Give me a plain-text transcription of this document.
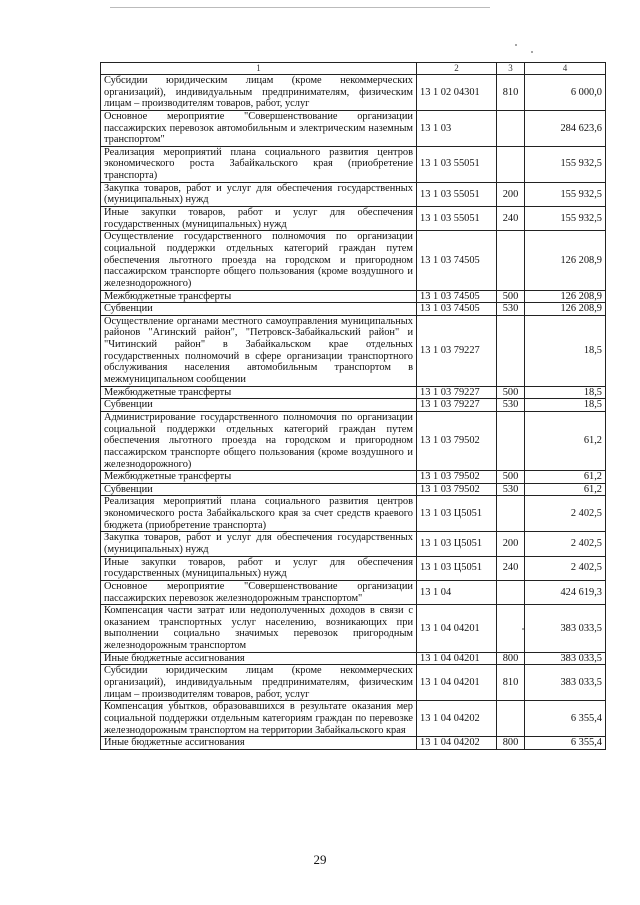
1	2	3	4
Субсидии юридическим лицам (кроме некоммерческих организаций), индивидуальным предпринимателям, физическим лицам – производителям товаров, работ, услуг	13 1 02 04301	810	6 000,0
Основное мероприятие "Совершенствование организации пассажирских перевозок автомобильным и электрическим наземным транспортом"	13 1 03		284 623,6
Реализация мероприятий плана социального развития центров экономического роста Забайкальского края (приобретение транспорта)	13 1 03 55051		155 932,5
Закупка товаров, работ и услуг для обеспечения государственных (муниципальных) нужд	13 1 03 55051	200	155 932,5
Иные закупки товаров, работ и услуг для обеспечения государственных (муниципальных) нужд	13 1 03 55051	240	155 932,5
Осуществление государственного полномочия по организации социальной поддержки отдельных категорий граждан путем обеспечения льготного проезда на городском и пригородном пассажирском транспорте общего пользования (кроме воздушного и железнодорожного)	13 1 03 74505		126 208,9
Межбюджетные трансферты	13 1 03 74505	500	126 208,9
Субвенции	13 1 03 74505	530	126 208,9
Осуществление органами местного самоуправления муниципальных районов "Агинский район", "Петровск-Забайкальский район" и "Читинский район" в Забайкальском крае отдельных государственных полномочий в сфере организации транспортного обслуживания населения автомобильным транспортом в межмуниципальном сообщении	13 1 03 79227		18,5
Межбюджетные трансферты	13 1 03 79227	500	18,5
Субвенции	13 1 03 79227	530	18,5
Администрирование государственного полномочия по организации социальной поддержки отдельных категорий граждан путем обеспечения льготного проезда на городском и пригородном пассажирском транспорте общего пользования (кроме воздушного и железнодорожного)	13 1 03 79502		61,2
Межбюджетные трансферты	13 1 03 79502	500	61,2
Субвенции	13 1 03 79502	530	61,2
Реализация мероприятий плана социального развития центров экономического роста Забайкальского края за счет средств краевого бюджета (приобретение транспорта)	13 1 03 Ц5051		2 402,5
Закупка товаров, работ и услуг для обеспечения государственных (муниципальных) нужд	13 1 03 Ц5051	200	2 402,5
Иные закупки товаров, работ и услуг для обеспечения государственных (муниципальных) нужд	13 1 03 Ц5051	240	2 402,5
Основное мероприятие "Совершенствование организации пассажирских перевозок железнодорожным транспортом"	13 1 04		424 619,3
Компенсация части затрат или недополученных доходов в связи с оказанием транспортных услуг населению, возникающих при выполнении социально значимых перевозок пригородным железнодорожным транспортом	13 1 04 04201		383 033,5
Иные бюджетные ассигнования	13 1 04 04201	800	383 033,5
Субсидии юридическим лицам (кроме некоммерческих организаций), индивидуальным предпринимателям, физическим лицам – производителям товаров, работ, услуг	13 1 04 04201	810	383 033,5
Компенсация убытков, образовавшихся в результате оказания мер социальной поддержки отдельным категориям граждан по перевозке железнодорожным транспортом на территории Забайкальского края	13 1 04 04202		6 355,4
Иные бюджетные ассигнования	13 1 04 04202	800	6 355,4
29
